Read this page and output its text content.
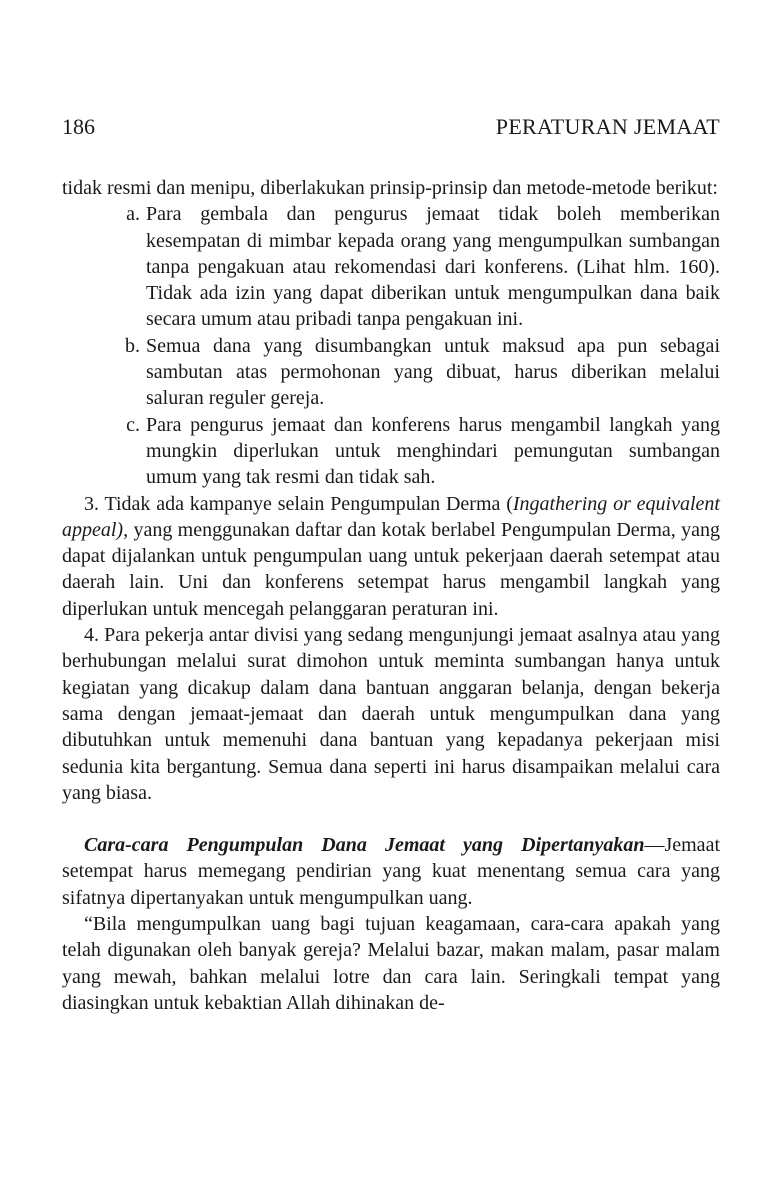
186	PERATURAN JEMAAT

tidak resmi dan menipu, diberlakukan prinsip-prinsip dan metode-metode berikut:

a. Para gembala dan pengurus jemaat tidak boleh memberikan kesempatan di mimbar kepada orang yang mengumpulkan sumbangan tanpa pengakuan atau rekomendasi dari konferens. (Lihat hlm. 160). Tidak ada izin yang dapat diberikan untuk mengumpulkan dana baik secara umum atau pribadi tanpa pengakuan ini.
b. Semua dana yang disumbangkan untuk maksud apa pun sebagai sambutan atas permohonan yang dibuat, harus diberikan melalui saluran reguler gereja.
c. Para pengurus jemaat dan konferens harus mengambil langkah yang mungkin diperlukan untuk menghindari pemungutan sumbangan umum yang tak resmi dan tidak sah.

3. Tidak ada kampanye selain Pengumpulan Derma (Ingathering or equivalent appeal), yang menggunakan daftar dan kotak berlabel Pengumpulan Derma, yang dapat dijalankan untuk pengumpulan uang untuk pekerjaan daerah setempat atau daerah lain. Uni dan konferens setempat harus mengambil langkah yang diperlukan untuk mencegah pelanggaran peraturan ini.

4. Para pekerja antar divisi yang sedang mengunjungi jemaat asalnya atau yang berhubungan melalui surat dimohon untuk meminta sumbangan hanya untuk kegiatan yang dicakup dalam dana bantuan anggaran belanja, dengan bekerja sama dengan jemaat-jemaat dan daerah untuk mengumpulkan dana yang dibutuhkan untuk memenuhi dana bantuan yang kepadanya pekerjaan misi sedunia kita bergantung. Semua dana seperti ini harus disampaikan melalui cara yang biasa.

Cara-cara Pengumpulan Dana Jemaat yang Dipertanyakan—Jemaat setempat harus memegang pendirian yang kuat menentang semua cara yang sifatnya dipertanyakan untuk mengumpulkan uang.

“Bila mengumpulkan uang bagi tujuan keagamaan, cara-cara apakah yang telah digunakan oleh banyak gereja? Melalui bazar, makan malam, pasar malam yang mewah, bahkan melalui lotre dan cara lain. Seringkali tempat yang diasingkan untuk kebaktian Allah dihinakan de-
